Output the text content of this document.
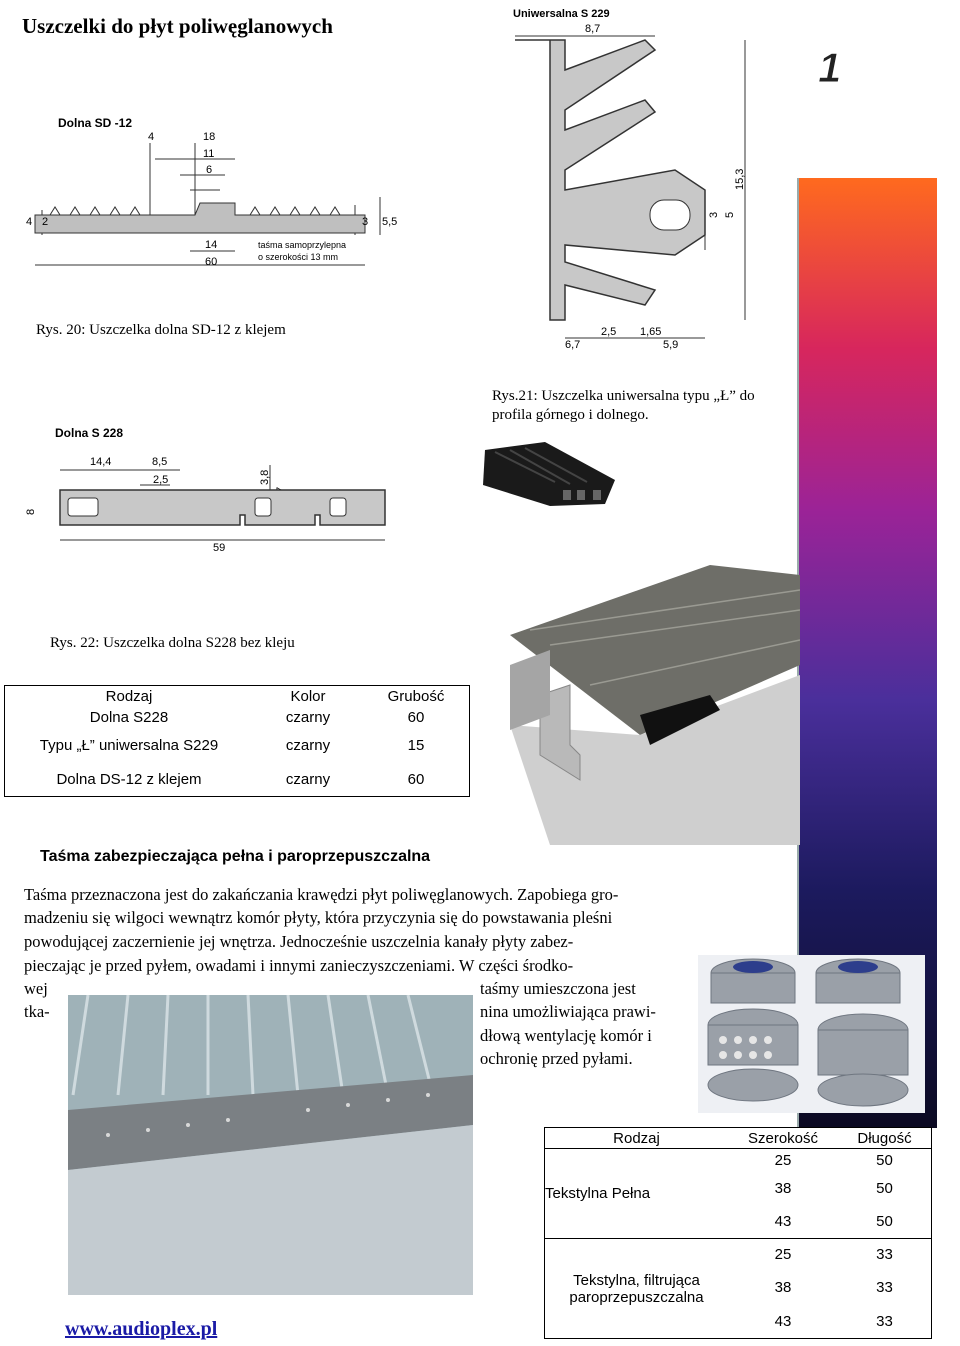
Uszczelki do płyt poliwęglanowych
1
Dolna SD -12
4	18
11
6
4 2	3 5,5
14
60
taśma samoprzylepna
o szerokości 13 mm
Rys. 20: Uszczelka dolna SD-12 z klejem
Uniwersalna S 229
8,7
15,3
3 5
2,5 1,65
6,7	5,9
Rys.21: Uszczelka uniwersalna typu „Ł” do
profila górnego i dolnego.
Dolna S 228
14,4	8,5
2,5	3,8
8
59
Rys. 22: Uszczelka dolna S228 bez kleju
Rodzaj	Kolor	Grubość
Dolna S228	czarny	60
Typu „Ł” uniwersalna S229	czarny	15
Dolna DS-12 z klejem	czarny	60
Taśma zabezpieczająca pełna i paroprzepuszczalna
Taśma przeznaczona jest do zakańczania krawędzi płyt poliwęglanowych. Zapobiega gro-
madzeniu się wilgoci wewnątrz komór płyty, która przyczynia się do powstawania pleśni
powodującej zaczernienie jej wnętrza. Jednocześnie uszczelnia kanały płyty zabez-
pieczając je przed pyłem, owadami i innymi zanieczyszczeniami. W części środko-
wej	taśmy umieszczona jest
tka-	nina umożliwiająca prawi-
dłową wentylację komór i
ochronię przed pyłami.
Rodzaj	Szerokość	Długość
Tekstylna Pełna	25	50
	38	50
	43	50
Tekstylna, filtrująca paroprzepuszczalna	25	33
	38	33
	43	33
www.audioplex.pl
